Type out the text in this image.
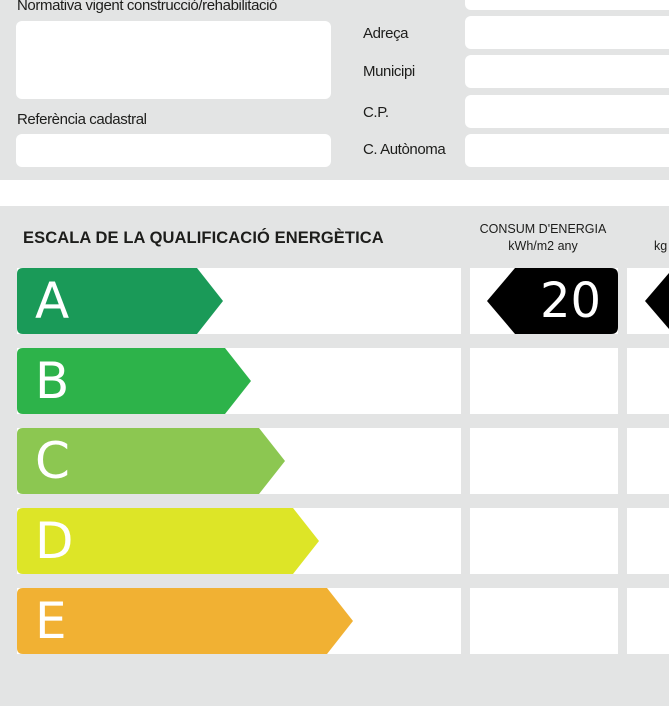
Normativa vigent construcció/rehabilitació
Referència cadastral
Adreça
Municipi
C.P.
C. Autònoma
ESCALA DE LA QUALIFICACIÓ ENERGÈTICA	CONSUM D'ENERGIA
kWh/m2 any	kg
A
B
C
D
E
20
